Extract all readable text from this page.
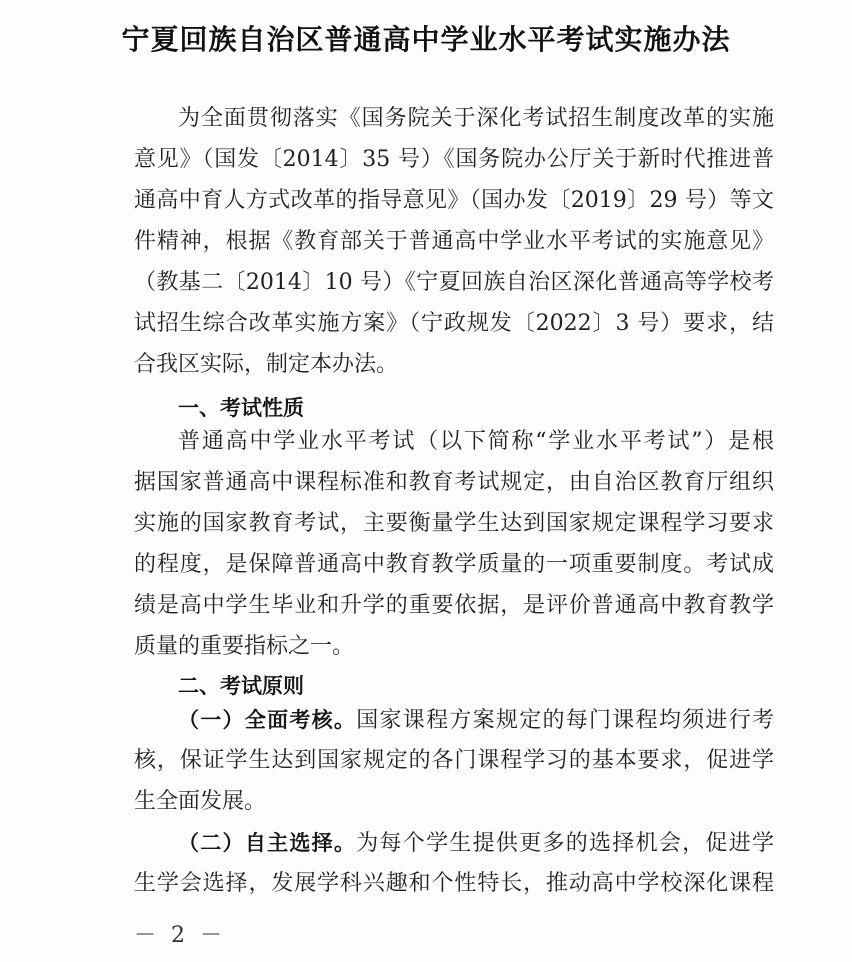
宁夏回族自治区普通高中学业水平考试实施办法
为全面贯彻落实《国务院关于深化考试招生制度改革的实施
意见》（国发〔2014〕35 号）《国务院办公厅关于新时代推进普
通高中育人方式改革的指导意见》（国办发〔2019〕29 号）等文
件精神，根据《教育部关于普通高中学业水平考试的实施意见》
（教基二〔2014〕10 号）《宁夏回族自治区深化普通高等学校考
试招生综合改革实施方案》（宁政规发〔2022〕3 号）要求，结
合我区实际，制定本办法。
一、考试性质
普通高中学业水平考试（以下简称“学业水平考试”）是根
据国家普通高中课程标准和教育考试规定，由自治区教育厅组织
实施的国家教育考试，主要衡量学生达到国家规定课程学习要求
的程度，是保障普通高中教育教学质量的一项重要制度。考试成
绩是高中学生毕业和升学的重要依据，是评价普通高中教育教学
质量的重要指标之一。
二、考试原则
（一）全面考核。国家课程方案规定的每门课程均须进行考
核，保证学生达到国家规定的各门课程学习的基本要求，促进学
生全面发展。
（二）自主选择。为每个学生提供更多的选择机会，促进学
生学会选择，发展学科兴趣和个性特长，推动高中学校深化课程
－ 2 －
